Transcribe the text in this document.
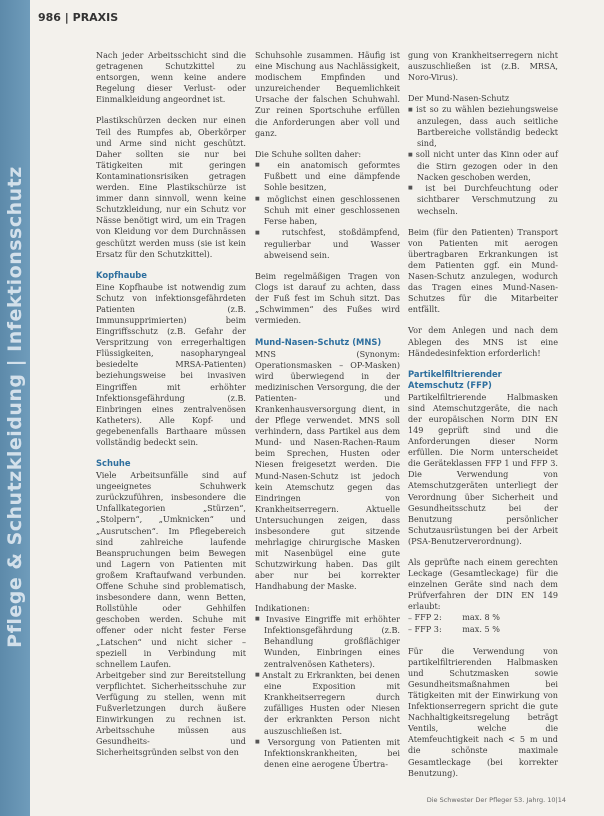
Pflege & Schutzkleidung | Infektionsschutz
986 | PRAXIS

Nach jeder Arbeitsschicht sind die getragenen Schutzkittel zu entsorgen, wenn keine andere Regelung dieser Verlust- oder Einmalkleidung angeordnet ist.

Plastikschürzen decken nur einen Teil des Rumpfes ab, Oberkörper und Arme sind nicht geschützt. Daher sollten sie nur bei Tätigkeiten mit geringen Kontaminationsrisiken getragen werden. Eine Plastikschürze ist immer dann sinnvoll, wenn keine Schutzkleidung, nur ein Schutz vor Nässe benötigt wird, um ein Tragen von Kleidung vor dem Durchnässen geschützt werden muss (sie ist kein Ersatz für den Schutzkittel).

Kopfhaube

Eine Kopfhaube ist notwendig zum Schutz von infektionsgefährdeten Patienten (z.B. Immunsupprimierten) beim Eingriffsschutz (z.B. Gefahr der Verspritzung von erregerhaltigen Flüssigkeiten, nasopharyngeal besiedelte MRSA-Patienten) beziehungsweise bei invasiven Eingriffen mit erhöhter Infektionsgefährdung (z.B. Einbringen eines zentralvenösen Katheters). Alle Kopf- und gegebenenfalls Barthaare müssen vollständig bedeckt sein.

Schuhe

Viele Arbeitsunfälle sind auf ungeeignetes Schuhwerk zurückzuführen, insbesondere die Unfallkategorien „Stürzen“, „Stolpern“, „Umknicken“ und „Ausrutschen“. Im Pflegebereich sind zahlreiche laufende Beanspruchungen beim Bewegen und Lagern von Patienten mit großem Kraftaufwand verbunden. Offene Schuhe sind problematisch, insbesondere dann, wenn Betten, Rollstühle oder Gehhilfen geschoben werden. Schuhe mit offener oder nicht fester Ferse „Latschen“ und nicht sicher – speziell in Verbindung mit schnellem Laufen.

Arbeitgeber sind zur Bereitstellung verpflichtet. Sicherheitsschuhe zur Verfügung zu stellen, wenn mit Fußverletzungen durch äußere Einwirkungen zu rechnen ist. Arbeitsschuhe müssen aus Gesundheits- und Sicherheitsgründen selbst von den

Schuhsohle zusammen. Häufig ist eine Mischung aus Nachlässigkeit, modischem Empfinden und unzureichender Bequemlichkeit Ursache der falschen Schuhwahl. Zur reinen Sportschuhe erfüllen die Anforderungen aber voll und ganz.

Die Schuhe sollten daher:
■ ein anatomisch geformtes Fußbett und eine dämpfende Sohle besitzen,
■ möglichst einen geschlossenen Schuh mit einer geschlossenen Ferse haben,
■ rutschfest, stoßdämpfend, regulierbar und Wasser abweisend sein.

Beim regelmäßigen Tragen von Clogs ist darauf zu achten, dass der Fuß fest im Schuh sitzt. Das „Schwimmen“ des Fußes wird vermieden.

Mund-Nasen-Schutz (MNS)

MNS (Synonym: Operationsmasken – OP-Masken) wird überwiegend in der medizinischen Versorgung, die der Patienten- und Krankenhausversorgung dient, in der Pflege verwendet. MNS soll verhindern, dass Partikel aus dem Mund- und Nasen-Rachen-Raum beim Sprechen, Husten oder Niesen freigesetzt werden. Die Mund-Nasen-Schutz ist jedoch kein Atemschutz gegen das Eindringen von Krankheitserregern. Aktuelle Untersuchungen zeigen, dass insbesondere gut sitzende mehrlagige chirurgische Masken mit Nasenbügel eine gute Schutzwirkung haben. Das gilt aber nur bei korrekter Handhabung der Maske.

Indikationen:
■ Invasive Eingriffe mit erhöhter Infektionsgefährdung (z.B. Behandlung großflächiger Wunden, Einbringen eines zentralvenösen Katheters).
■ Anstalt zu Erkrankten, bei denen eine Exposition mit Krankheitserregern durch zufälliges Husten oder Niesen der erkrankten Person nicht auszuschließen ist.
■ Versorgung von Patienten mit Infektionskrankheiten, bei denen eine aerogene Übertra-

gung von Krankheitserregern nicht auszuschließen ist (z.B. MRSA, Noro-Virus).

Der Mund-Nasen-Schutz
■ ist so zu wählen beziehungsweise anzulegen, dass auch seitliche Bartbereiche vollständig bedeckt sind,
■ soll nicht unter das Kinn oder auf die Stirn gezogen oder in den Nacken geschoben werden,
■ ist bei Durchfeuchtung oder sichtbarer Verschmutzung zu wechseln.

Beim (für den Patienten) Transport von Patienten mit aerogen übertragbaren Erkrankungen ist dem Patienten ggf. ein Mund-Nasen-Schutz anzulegen, wodurch das Tragen eines Mund-Nasen-Schutzes für die Mitarbeiter entfällt.

Vor dem Anlegen und nach dem Ablegen des MNS ist eine Händedesinfektion erforderlich!

Partikelfiltrierender Atemschutz (FFP)

Partikelfiltrierende Halbmasken sind Atemschutzgeräte, die nach der europäischen Norm DIN EN 149 geprüft sind und die Anforderungen dieser Norm erfüllen. Die Norm unterscheidet die Geräteklassen FFP 1 und FFP 3. Die Verwendung von Atemschutzgeräten unterliegt der Verordnung über Sicherheit und Gesundheitsschutz bei der Benutzung persönlicher Schutzausrüstungen bei der Arbeit (PSA-Benutzerverordnung).

Als geprüfte nach einem gerechten Leckage (Gesamtleckage) für die einzelnen Geräte sind nach dem Prüfverfahren der DIN EN 149 erlaubt:

– FFP 2:        max. 8 %
– FFP 3:        max. 5 %

Für die Verwendung von partikelfiltrierenden Halbmasken und Schutzmasken sowie Gesundheitsmaßnahmen bei Tätigkeiten mit der Einwirkung von Infektionserregern spricht die gute Nachhaltigkeitsregelung beträgt Ventils, welche die Atemfeuchtigkeit nach < 5 m und die schönste maximale Gesamtleckage (bei korrekter Benutzung).

Die Schwester Der Pfleger 53. Jahrg. 10|14
